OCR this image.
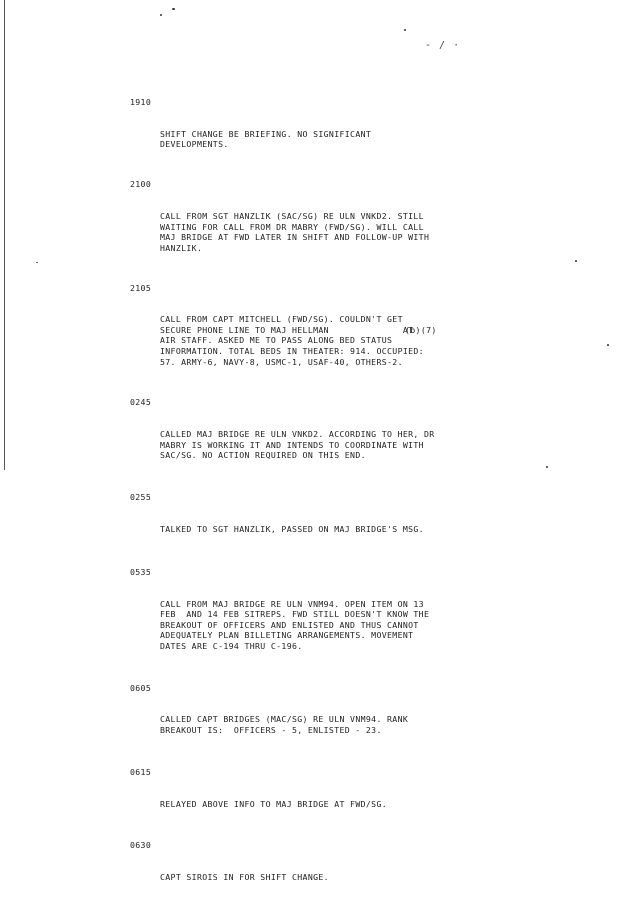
- / ·

1910

SHIFT CHANGE BE BRIEFING. NO SIGNIFICANT
DEVELOPMENTS.

2100

CALL FROM SGT HANZLIK (SAC/SG) RE ULN VNKD2. STILL
WAITING FOR CALL FROM DR MABRY (FWD/SG). WILL CALL
MAJ BRIDGE AT FWD LATER IN SHIFT AND FOLLOW-UP WITH
HANZLIK.

2105

CALL FROM CAPT MITCHELL (FWD/SG). COULDN'T GET
SECURE PHONE LINE TO MAJ HELLMAN              AT
(b)(7)

AIR STAFF. ASKED ME TO PASS ALONG BED STATUS
INFORMATION. TOTAL BEDS IN THEATER: 914. OCCUPIED:
57. ARMY-6, NAVY-8, USMC-1, USAF-40, OTHERS-2.

0245

CALLED MAJ BRIDGE RE ULN VNKD2. ACCORDING TO HER, DR
MABRY IS WORKING IT AND INTENDS TO COORDINATE WITH
SAC/SG. NO ACTION REQUIRED ON THIS END.

0255

TALKED TO SGT HANZLIK, PASSED ON MAJ BRIDGE'S MSG.

0535

CALL FROM MAJ BRIDGE RE ULN VNM94. OPEN ITEM ON 13
FEB  AND 14 FEB SITREPS. FWD STILL DOESN'T KNOW THE
BREAKOUT OF OFFICERS AND ENLISTED AND THUS CANNOT
ADEQUATELY PLAN BILLETING ARRANGEMENTS. MOVEMENT
DATES ARE C-194 THRU C-196.

0605

CALLED CAPT BRIDGES (MAC/SG) RE ULN VNM94. RANK
BREAKOUT IS:  OFFICERS - 5, ENLISTED - 23.

0615

RELAYED ABOVE INFO TO MAJ BRIDGE AT FWD/SG.

0630

CAPT SIROIS IN FOR SHIFT CHANGE.
